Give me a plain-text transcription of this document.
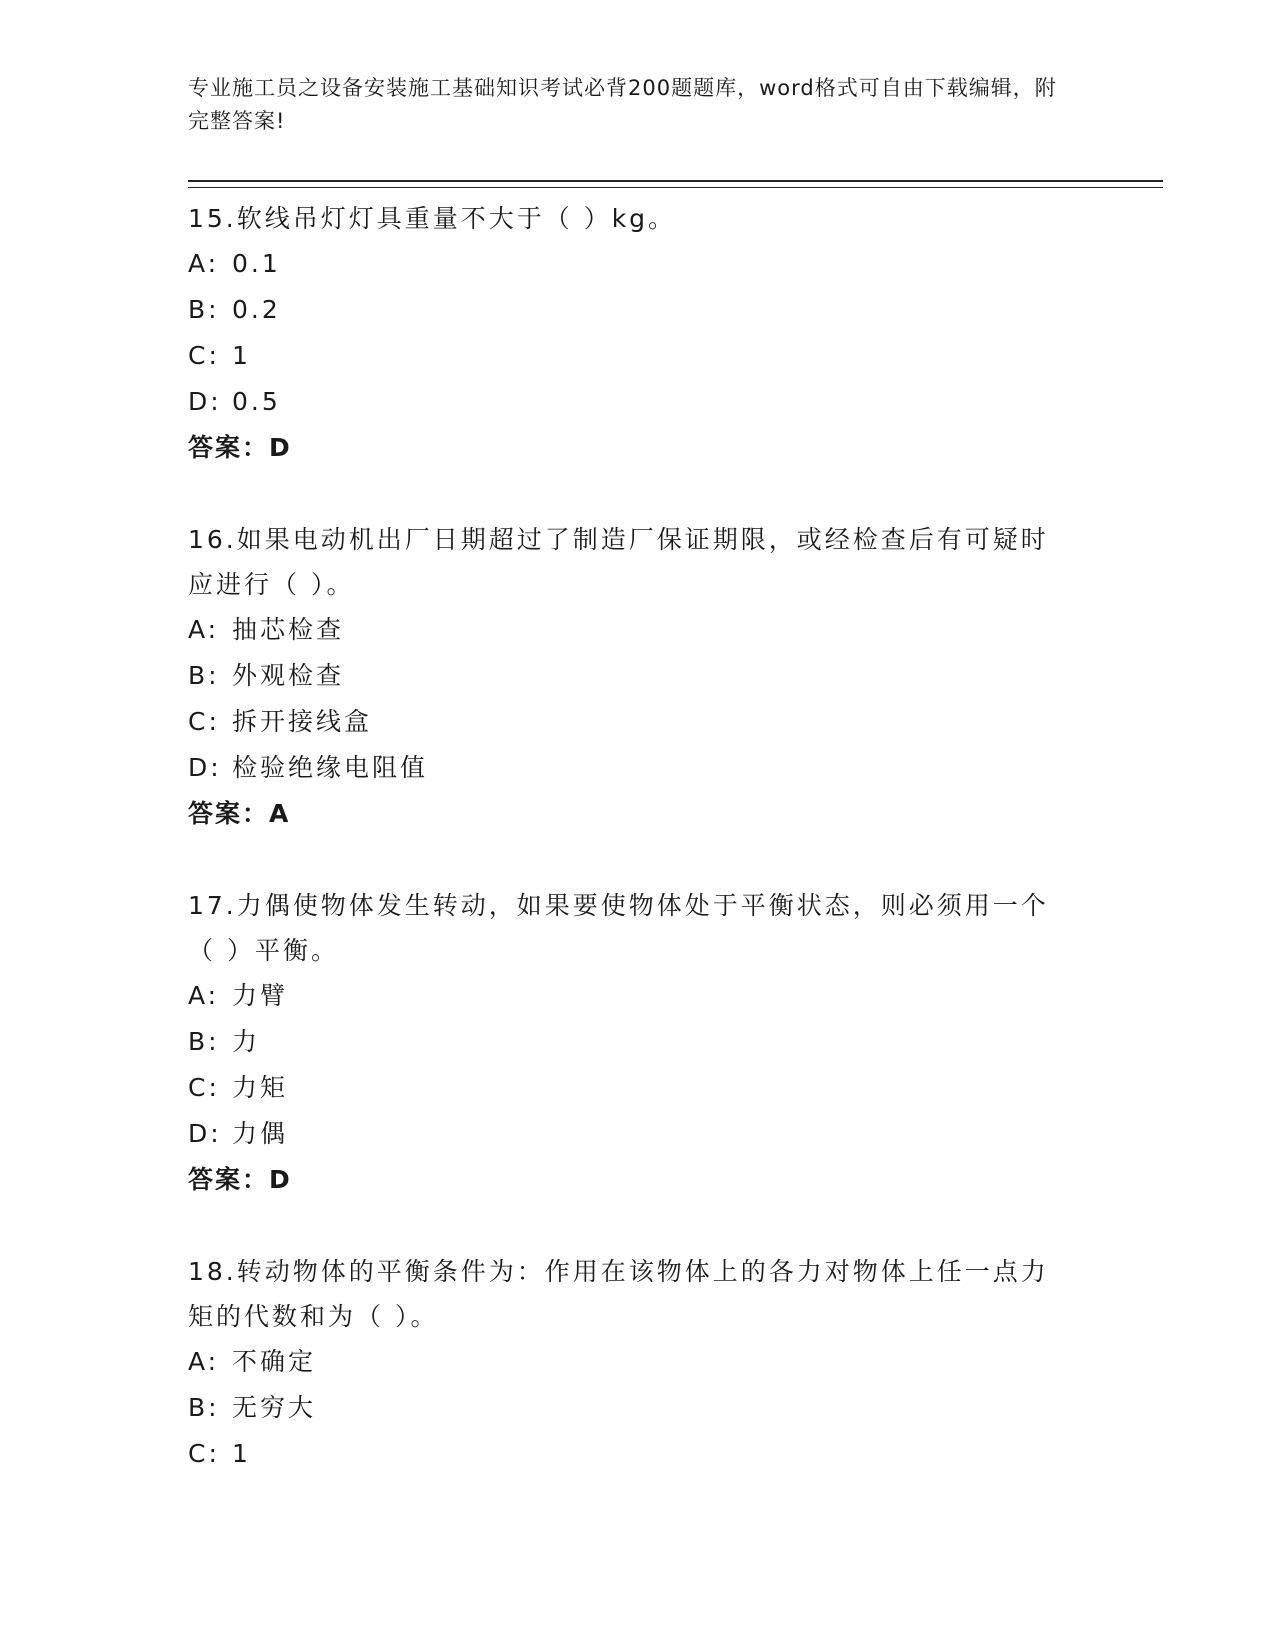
专业施工员之设备安装施工基础知识考试必背200题题库，word格式可自由下载编辑，附完整答案!

15.软线吊灯灯具重量不大于（ ）kg。

A: 0.1

B: 0.2

C: 1

D: 0.5

答案：D

16.如果电动机出厂日期超过了制造厂保证期限，或经检查后有可疑时应进行（ ）。

A: 抽芯检查

B: 外观检查

C: 拆开接线盒

D: 检验绝缘电阻值

答案：A

17.力偶使物体发生转动，如果要使物体处于平衡状态，则必须用一个（ ）平衡。

A: 力臂

B: 力

C: 力矩

D: 力偶

答案：D

18.转动物体的平衡条件为：作用在该物体上的各力对物体上任一点力矩的代数和为（ ）。

A: 不确定

B: 无穷大

C: 1
